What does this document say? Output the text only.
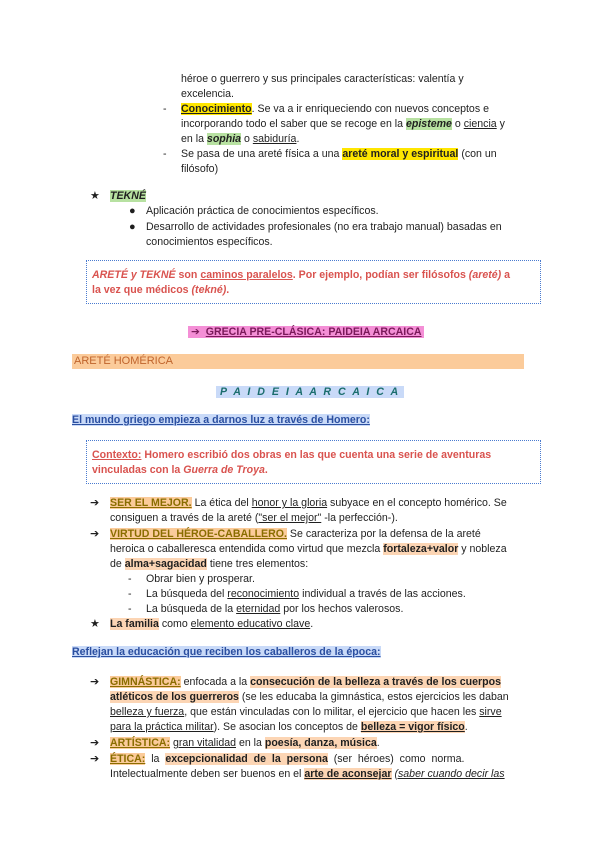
héroe o guerrero y sus principales características: valentía y
excelencia.
- Conocimiento. Se va a ir enriqueciendo con nuevos conceptos e
incorporando todo el saber que se recoge en la episteme o ciencia y
en la sophia o sabiduría.
- Se pasa de una areté física a una areté moral y espiritual (con un
filósofo)
★ TEKNÉ
● Aplicación práctica de conocimientos específicos.
● Desarrollo de actividades profesionales (no era trabajo manual) basadas en
conocimientos específicos.
ARETÉ y TEKNÉ son caminos paralelos. Por ejemplo, podían ser filósofos (areté) a
la vez que médicos (tekné).
➔  GRECIA PRE-CLÁSICA: PAIDEIA ARCAICA
ARETÉ HOMÉRICA
P A I D E I A A R C A I C A
El mundo griego empieza a darnos luz a través de Homero:
Contexto: Homero escribió dos obras en las que cuenta una serie de aventuras
vinculadas con la Guerra de Troya.
➔ SER EL MEJOR. La ética del honor y la gloria subyace en el concepto homérico. Se
consiguen a través de la areté ("ser el mejor" -la perfección-).
➔ VIRTUD DEL HÉROE-CABALLERO. Se caracteriza por la defensa de la areté
heroica o caballeresca entendida como virtud que mezcla fortaleza+valor y nobleza
de alma+sagacidad tiene tres elementos:
- Obrar bien y prosperar.
- La búsqueda del reconocimiento individual a través de las acciones.
- La búsqueda de la eternidad por los hechos valerosos.
★ La familia como elemento educativo clave.
Reflejan la educación que reciben los caballeros de la época:
➔ GIMNÁSTICA: enfocada a la consecución de la belleza a través de los cuerpos
atléticos de los guerreros (se les educaba la gimnástica, estos ejercicios les daban
belleza y fuerza, que están vinculadas con lo militar, el ejercicio que hacen les sirve
para la práctica militar). Se asocian los conceptos de belleza = vigor físico.
➔ ARTÍSTICA: gran vitalidad en la poesía, danza, música.
➔ ÉTICA:  la  excepcionalidad  de  la  persona  (ser  héroes)  como  norma.
Intelectualmente deben ser buenos en el arte de aconsejar (saber cuando decir las
